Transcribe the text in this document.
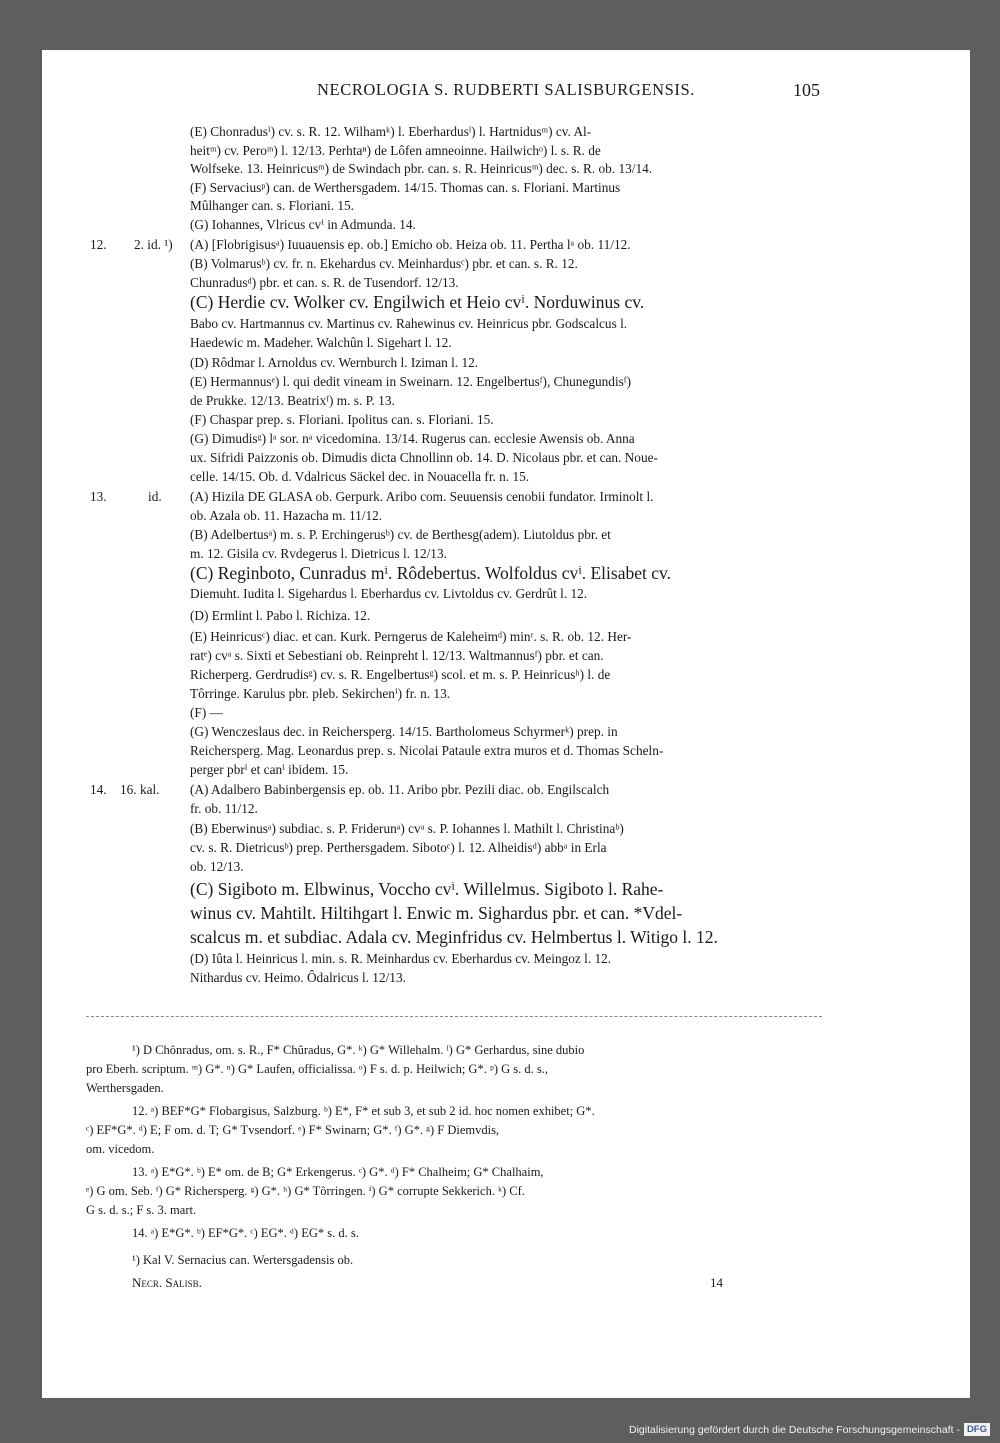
NECROLOGIA S. RUDBERTI SALISBURGENSIS.	105
(E) Chonradusⁱ) cv. s. R. 12. Wilhamᵏ) l. Eberhardusˡ) l. Hartnidusᵐ) cv. Al-
heitᵐ) cv. Peroᵐ) l. 12/13. Perhtaⁿ) de Lôfen amneoinne. Hailwichᵒ) l. s. R. de
Wolfseke. 13. Heinricusᵐ) de Swindach pbr. can. s. R. Heinricusᵐ) dec. s. R. ob. 13/14.
(F) Servaciusᵖ) can. de Werthersgadem. 14/15. Thomas can. s. Floriani. Martinus
Mûlhanger can. s. Floriani. 15.
(G) Iohannes, Vlricus cvⁱ in Admunda. 14.
12. 2. id. ¹) (A) [Flobrigisusᵃ) Iuuauensis ep. ob.] Emicho ob. Heiza ob. 11. Perthа lᵃ ob. 11/12.
(B) Volmarusᵇ) cv. fr. n. Ekehardus cv. Meinhardusᶜ) pbr. et can. s. R. 12.
Chunradusᵈ) pbr. et can. s. R. de Tusendorf. 12/13.
(C) Herdie cv. Wolker cv. Engilwich et Heio cvⁱ. Norduwinus cv.
Babo cv. Hartmannus cv. Martinus cv. Rahewinus cv. Heinricus pbr. Godscalcus l.
Haedewic m. Madeher. Walchûn l. Sigehart l. 12.
(D) Rôdmar l. Arnoldus cv. Wernburch l. Iziman l. 12.
(E) Hermannusᵉ) l. qui dedit vineam in Sweinarn. 12. Engelbertusᶠ), Chunegundisᶠ)
de Prukke. 12/13. Beatrixᶠ) m. s. P. 13.
(F) Chaspar prep. s. Floriani. Ipolitus can. s. Floriani. 15.
(G) Dimudisᵍ) lᵃ sor. nᵃ vicedomina. 13/14. Rugerus can. ecclesie Awensis ob. Anna
ux. Sifridi Paizzonis ob. Dimudis dicta Chnollinn ob. 14. D. Nicolaus pbr. et can. Noue-
celle. 14/15. Ob. d. Vdalricus Säckel dec. in Nouacella fr. n. 15.
13.	id. (A) Hizila DE GLASA ob. Gerpurk. Aribo com. Seuuensis cenobii fundator. Irminolt l.
ob. Azala ob. 11. Hazacha m. 11/12.
(B) Adelbertusᵃ) m. s. P. Erchingerusᵇ) cv. de Berthesg(adem). Liutoldus pbr. et
m. 12. Gisila cv. Rvdegerus l. Dietricus l. 12/13.
(C) Reginboto, Cunradus mⁱ. Rôdebertus. Wolfoldus cvⁱ. Elisabet cv.
Diemuht. Iudita l. Sigehardus l. Eberhardus cv. Livtoldus cv. Gerdrût l. 12.
(D) Ermlint l. Pabo l. Richiza. 12.
(E) Heinricusᶜ) diac. et can. Kurk. Perngerus de Kaleheimᵈ) minʳ. s. R. ob. 12. Her-
ratᵉ) cvᵃ s. Sixti et Sebestiani ob. Reinpreht l. 12/13. Waltmannusᶠ) pbr. et can.
Richerperg. Gerdrudisᵍ) cv. s. R. Engelbertusᵍ) scol. et m. s. P. Heinricusʰ) l. de
Tôrringe. Karulus pbr. pleb. Sekirchenⁱ) fr. n. 13.
(F) —
(G) Wenczeslaus dec. in Reichersperg. 14/15. Bartholomeus Schyrmerᵏ) prep. in
Reichersperg. Mag. Leonardus prep. s. Nicolai Pataule extra muros et d. Thomas Scheln-
perger pbrⁱ et canⁱ ibidem. 15.
14. 16. kal. (A) Adalbero Babinbergensis ep. ob. 11. Aribo pbr. Pezili diac. ob. Engilscalch
fr. ob. 11/12.
(B) Eberwinusᵃ) subdiac. s. P. Friderunᵃ) cvᵃ s. P. Iohannes l. Mathilt l. Christinaᵇ)
cv. s. R. Dietricusᵇ) prep. Perthersgadem. Sibotoᶜ) l. 12. Alheidisᵈ) abbᵃ in Erla
ob. 12/13.
(C) Sigiboto m. Elbwinus, Voccho cvⁱ. Willelmus. Sigiboto l. Rahe-
winus cv. Mahtilt. Hiltihgart l. Enwic m. Sighardus pbr. et can. *Vdel-
scalcus m. et subdiac. Adala cv. Meginfridus cv. Helmbertus l. Witigo l. 12.
(D) Iûta l. Heinricus l. min. s. R. Meinhardus cv. Eberhardus cv. Meingoz l. 12.
Nithardus cv. Heimo. Ôdalricus l. 12/13.
¹) D Chônradus, om. s. R., F* Chûradus, G*. ᵏ) G* Willehalm. ˡ) G* Gerhardus, sine dubio
pro Eberh. scriptum. ᵐ) G*. ⁿ) G* Laufen, officialissa. ᵒ) F s. d. p. Heilwich; G*. ᵖ) G s. d. s.,
Werthersgaden.
12. ᵃ) BEF*G* Flobargisus, Salzburg. ᵇ) E*, F* et sub 3, et sub 2 id. hoc nomen exhibet; G*.
ᶜ) EF*G*. ᵈ) E; F om. d. T; G* Tvsendorf. ᵉ) F* Swinarn; G*. ᶠ) G*. ᵍ) F Diemvdis,
om. vicedom.
13. ᵃ) E*G*. ᵇ) E* om. de B; G* Erkengerus. ᶜ) G*. ᵈ) F* Chalheim; G* Chalhaim,
ᵉ) G om. Seb. ᶠ) G* Richersperg. ᵍ) G*. ʰ) G* Tôrringen. ⁱ) G* corrupte Sekkerich. ᵏ) Cf.
G s. d. s.; F s. 3. mart.
14. ᵃ) E*G*. ᵇ) EF*G*. ᶜ) EG*. ᵈ) EG* s. d. s.
¹) Kal V. Sernacius can. Wertersgadensis ob.
Necr. Salisb.	14
Digitalisierung gefördert durch die Deutsche Forschungsgemeinschaft - DFG
